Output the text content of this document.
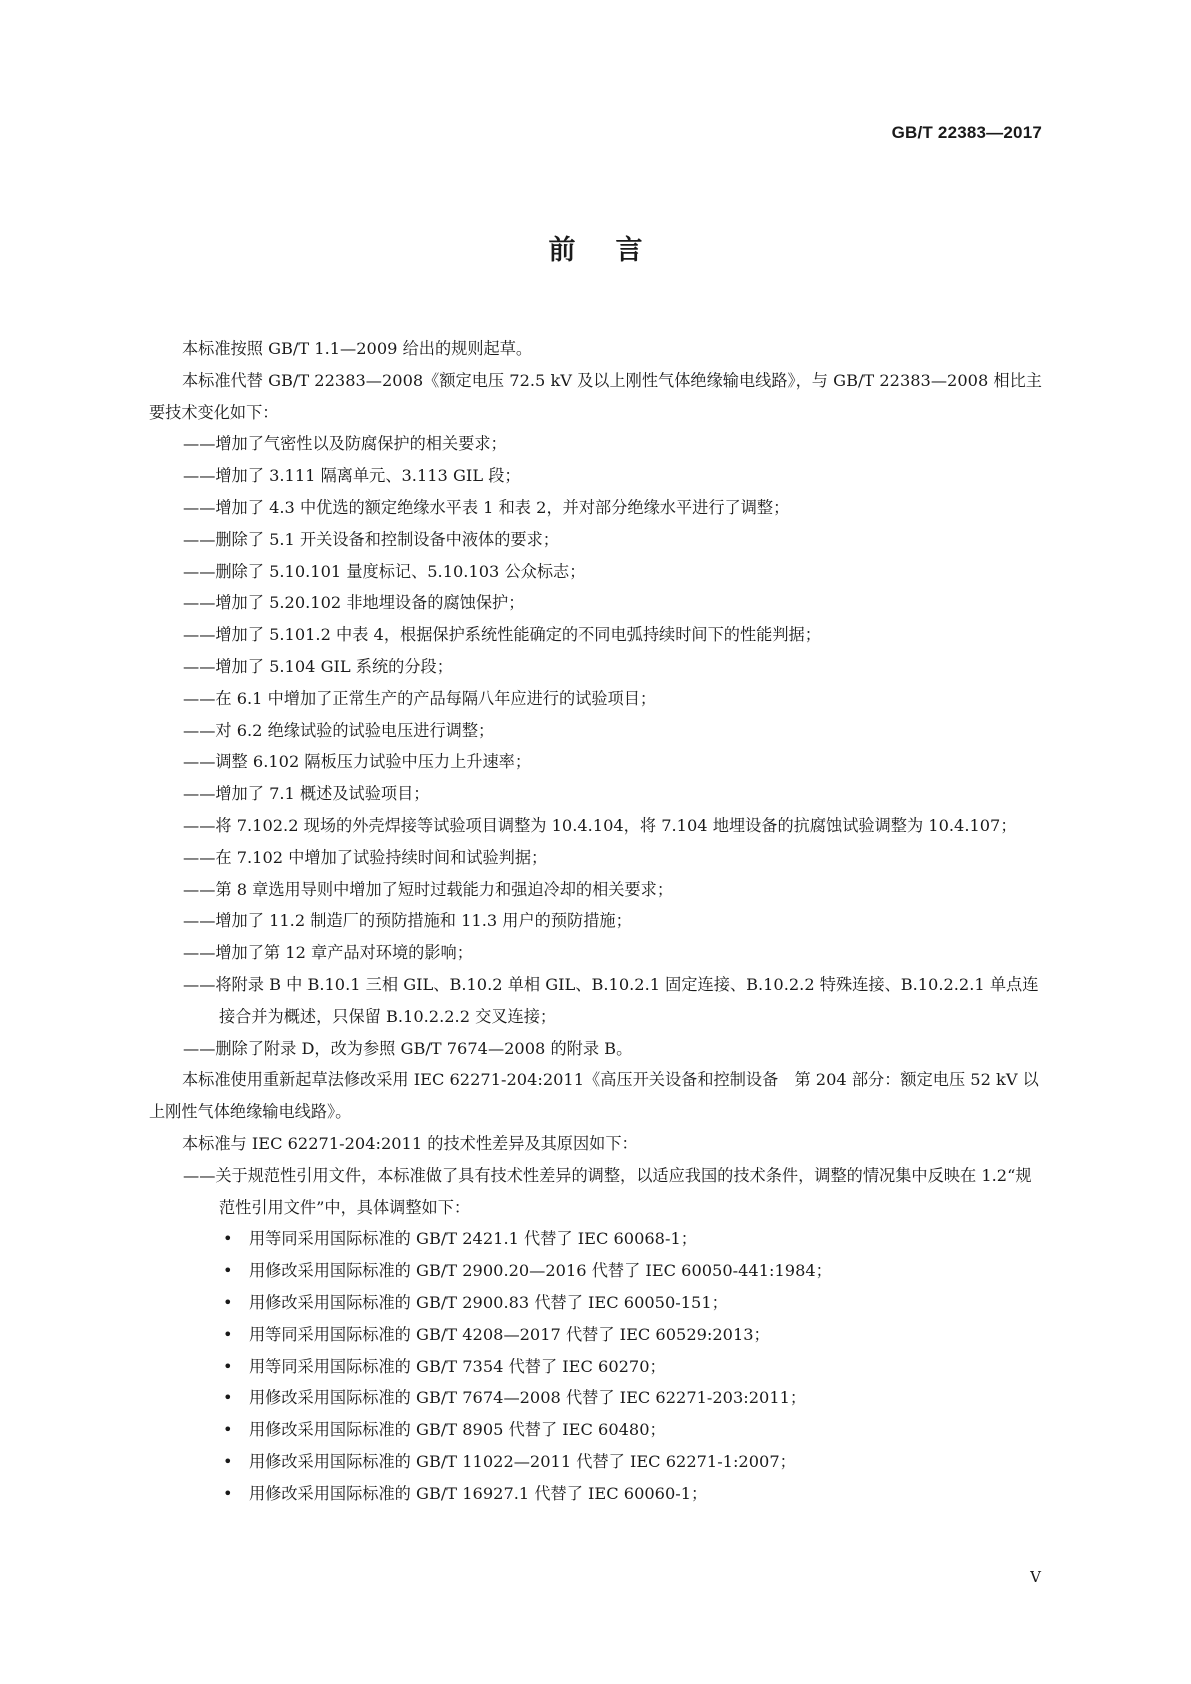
GB/T 22383—2017
前言

本标准按照 GB/T 1.1—2009 给出的规则起草。

本标准代替 GB/T 22383—2008《额定电压 72.5 kV 及以上刚性气体绝缘输电线路》，与 GB/T 22383—2008 相比主要技术变化如下：

——增加了气密性以及防腐保护的相关要求；

——增加了 3.111 隔离单元、3.113 GIL 段；

——增加了 4.3 中优选的额定绝缘水平表 1 和表 2，并对部分绝缘水平进行了调整；

——删除了 5.1 开关设备和控制设备中液体的要求；

——删除了 5.10.101 量度标记、5.10.103 公众标志；

——增加了 5.20.102 非地埋设备的腐蚀保护；

——增加了 5.101.2 中表 4，根据保护系统性能确定的不同电弧持续时间下的性能判据；

——增加了 5.104 GIL 系统的分段；

——在 6.1 中增加了正常生产的产品每隔八年应进行的试验项目；

——对 6.2 绝缘试验的试验电压进行调整；

——调整 6.102 隔板压力试验中压力上升速率；

——增加了 7.1 概述及试验项目；

——将 7.102.2 现场的外壳焊接等试验项目调整为 10.4.104，将 7.104 地埋设备的抗腐蚀试验调整为 10.4.107；

——在 7.102 中增加了试验持续时间和试验判据；

——第 8 章选用导则中增加了短时过载能力和强迫冷却的相关要求；

——增加了 11.2 制造厂的预防措施和 11.3 用户的预防措施；

——增加了第 12 章产品对环境的影响；

——将附录 B 中 B.10.1 三相 GIL、B.10.2 单相 GIL、B.10.2.1 固定连接、B.10.2.2 特殊连接、B.10.2.2.1 单点连接合并为概述，只保留 B.10.2.2.2 交叉连接；

——删除了附录 D，改为参照 GB/T 7674—2008 的附录 B。

本标准使用重新起草法修改采用 IEC 62271-204:2011《高压开关设备和控制设备　第 204 部分：额定电压 52 kV 以上刚性气体绝缘输电线路》。

本标准与 IEC 62271-204:2011 的技术性差异及其原因如下：

——关于规范性引用文件，本标准做了具有技术性差异的调整，以适应我国的技术条件，调整的情况集中反映在 1.2“规范性引用文件”中，具体调整如下：

• 用等同采用国际标准的 GB/T 2421.1 代替了 IEC 60068-1；

• 用修改采用国际标准的 GB/T 2900.20—2016 代替了 IEC 60050-441:1984；

• 用修改采用国际标准的 GB/T 2900.83 代替了 IEC 60050-151；

• 用等同采用国际标准的 GB/T 4208—2017 代替了 IEC 60529:2013；

• 用等同采用国际标准的 GB/T 7354 代替了 IEC 60270；

• 用修改采用国际标准的 GB/T 7674—2008 代替了 IEC 62271-203:2011；

• 用修改采用国际标准的 GB/T 8905 代替了 IEC 60480；

• 用修改采用国际标准的 GB/T 11022—2011 代替了 IEC 62271-1:2007；

• 用修改采用国际标准的 GB/T 16927.1 代替了 IEC 60060-1；

V
